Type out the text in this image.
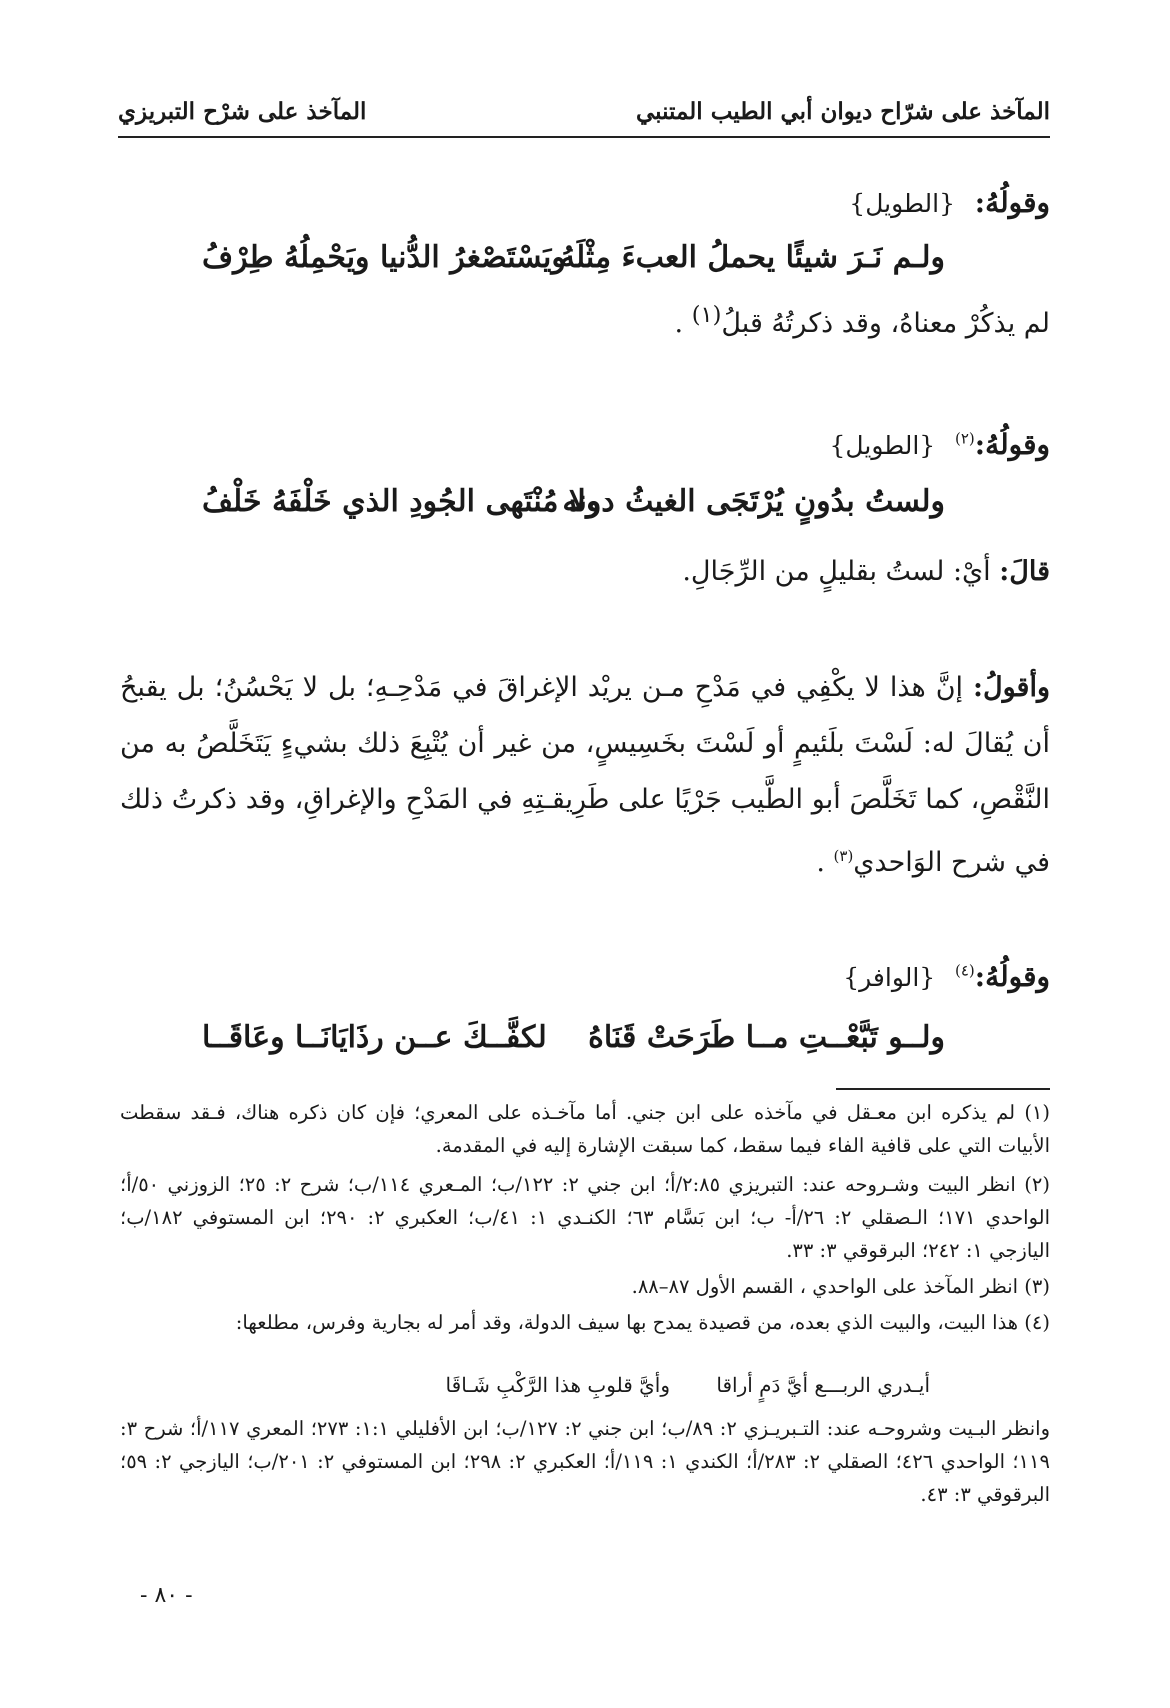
المآخذ على شرّاح ديوان أبي الطيب المتنبي
المآخذ على شرْح التبريزي
وقولُهُ: {الطويل}
ولـم نَـرَ شيئًا يحملُ العبءَ مِثْلَهُ
ويَسْتَصْغرُ الدُّنيا ويَحْمِلُهُ طِرْفُ
لم يذكُرْ معناهُ، وقد ذكرتُهُ قبلُ$^{(١)}$ .
وقولُهُ:$^{(٢)}$ {الطويل}
ولستُ بدُونٍ يُرْتَجَى الغيثُ دونه
ولا مُنْتَهى الجُودِ الذي خَلْفَهُ خَلْفُ
قالَ: أيْ: لستُ بقليلٍ من الرِّجَالِ.
وأقولُ: إنَّ هذا لا يكْفِي في مَدْحِ مـن يريْد الإغراقَ في مَدْحِـهِ؛ بل لا يَحْسُنُ؛ بل يقبحُ أن يُقالَ له: لَسْتَ بلَئيمٍ أو لَسْتَ بخَسِيسٍ، من غير أن يُتْبِعَ ذلك بشيءٍ يَتَخَلَّصُ به من النَّقْصِ، كما تَخَلَّصَ أبو الطَّيب جَرْيًا على طَرِيقـتِهِ في المَدْحِ والإغراقِ، وقد ذكرتُ ذلك في شرح الوَاحدي$^{(٣)}$ .
وقولُهُ:$^{(٤)}$ {الوافر}
ولــو تَبَّعْــتِ مــا طَرَحَتْ قَنَاهُ
لكفَّــكَ عــن رذَايَانَــا وعَاقَــا
(١) لم يذكره ابن معـقل في مآخذه على ابن جني. أما مآخـذه على المعري؛ فإن كان ذكره هناك، فـقد سقطت الأبيات التي على قافية الفاء فيما سقط، كما سبقت الإشارة إليه في المقدمة.
(٢) انظر البيت وشـروحه عند: التبريزي ٢:٨٥/أ؛ ابن جني ٢: ١٢٢/ب؛ المـعري ١١٤/ب؛ شرح ٢: ٢٥؛ الزوزني ٥٠/أ؛ الواحدي ١٧١؛ الـصقلي ٢: ٢٦/أ- ب؛ ابن بَسَّام ٦٣؛ الكنـدي ١: ٤١/ب؛ العكبري ٢: ٢٩٠؛ ابن المستوفي ١٨٢/ب؛ اليازجي ١: ٢٤٢؛ البرقوقي ٣: ٣٣.
(٣) انظر المآخذ على الواحدي ، القسم الأول ٨٧–٨٨.
(٤) هذا البيت، والبيت الذي بعده، من قصيدة يمدح بها سيف الدولة، وقد أمر له بجارية وفرس، مطلعها:
أيـدري الربـــع أيَّ دَمٍ أراقا
وأيَّ قلوبِ هذا الرَّكْبِ شَـاقَا
وانظر البـيت وشروحـه عند: التـبريـزي ٢: ٨٩/ب؛ ابن جني ٢: ١٢٧/ب؛ ابن الأفليلي ١:١: ٢٧٣؛ المعري ١١٧/أ؛ شرح ٣: ١١٩؛ الواحدي ٤٢٦؛ الصقلي ٢: ٢٨٣/أ؛ الكندي ١: ١١٩/أ؛ العكبري ٢: ٢٩٨؛ ابن المستوفي ٢: ٢٠١/ب؛ اليازجي ٢: ٥٩؛ البرقوقي ٣: ٤٣.
- ٨٠ -
